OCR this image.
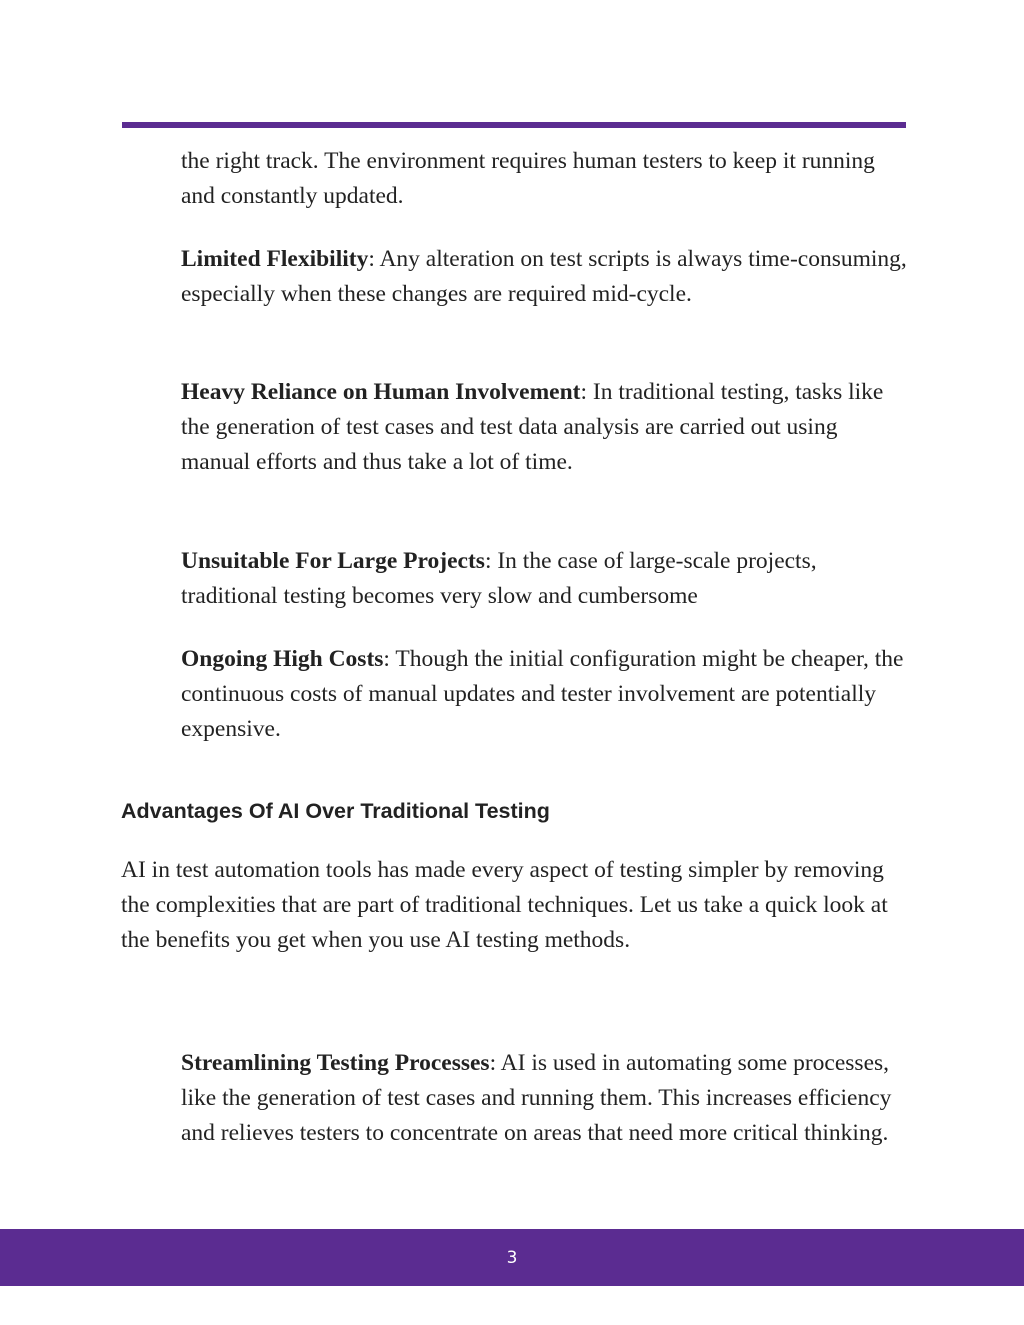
the right track. The environment requires human testers to keep it running and constantly updated.

Limited Flexibility: Any alteration on test scripts is always time-consuming, especially when these changes are required mid-cycle.

Heavy Reliance on Human Involvement: In traditional testing, tasks like the generation of test cases and test data analysis are carried out using manual efforts and thus take a lot of time.

Unsuitable For Large Projects: In the case of large-scale projects, traditional testing becomes very slow and cumbersome

Ongoing High Costs: Though the initial configuration might be cheaper, the continuous costs of manual updates and tester involvement are potentially expensive.

Advantages Of AI Over Traditional Testing

AI in test automation tools has made every aspect of testing simpler by removing the complexities that are part of traditional techniques. Let us take a quick look at the benefits you get when you use AI testing methods.

Streamlining Testing Processes: AI is used in automating some processes, like the generation of test cases and running them. This increases efficiency and relieves testers to concentrate on areas that need more critical thinking.

3
